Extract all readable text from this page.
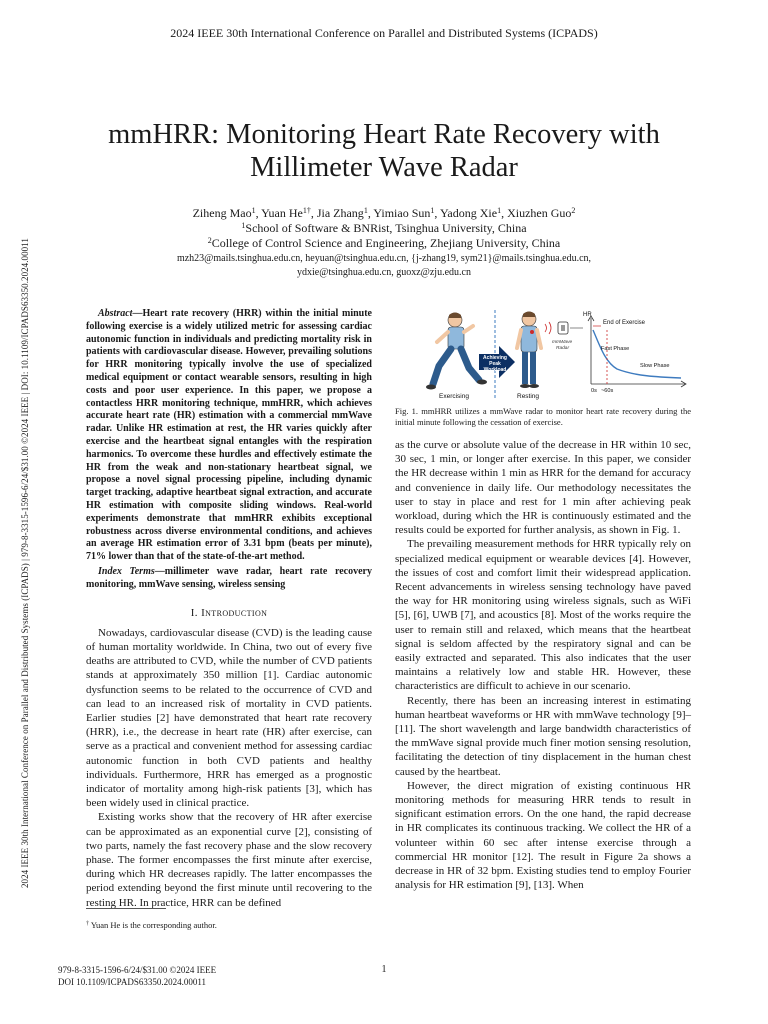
2024 IEEE 30th International Conference on Parallel and Distributed Systems (ICPADS)
2024 IEEE 30th International Conference on Parallel and Distributed Systems (ICPADS) | 979-8-3315-1596-6/24/$31.00 ©2024 IEEE | DOI: 10.1109/ICPADS63350.2024.00011
mmHRR: Monitoring Heart Rate Recovery with
Millimeter Wave Radar
Ziheng Mao$^1$, Yuan $He^{1\dagger}$, Jia Zhang$^1$, Yimiao Sun$^1$, Yadong Xie$^1$, Xiuzhen Guo$^2$
$^1$School of Software & BNRist, Tsinghua University, China
$^2$College of Control Science and Engineering, Zhejiang University, China
mzh23@mails.tsinghua.edu.cn, heyuan@tsinghua.edu.cn, {j-zhang19, sym21}@mails.tsinghua.edu.cn,
ydxie@tsinghua.edu.cn, guoxz@zju.edu.cn

Abstract—Heart rate recovery (HRR) within the initial minute following exercise is a widely utilized metric for assessing cardiac autonomic function in individuals and predicting mortality risk in patients with cardiovascular disease. However, prevailing solutions for HRR monitoring typically involve the use of specialized medical equipment or contact wearable sensors, resulting in high costs and poor user experience. In this paper, we propose a contactless HRR monitoring technique, mmHRR, which achieves accurate heart rate (HR) estimation with a commercial mmWave radar. Unlike HR estimation at rest, the HR varies quickly after exercise and the heartbeat signal entangles with the respiration harmonics. To overcome these hurdles and effectively estimate the HR from the weak and non-stationary heartbeat signal, we propose a novel signal processing pipeline, including dynamic target tracking, adaptive heartbeat signal extraction, and accurate HR estimation with composite sliding windows. Real-world experiments demonstrate that mmHRR exhibits exceptional robustness across diverse environmental conditions, and achieves an average HR estimation error of 3.31 bpm (beats per minute), 71% lower than that of the state-of-the-art method.

Index Terms—millimeter wave radar, heart rate recovery monitoring, mmWave sensing, wireless sensing

I. Introduction

Nowadays, cardiovascular disease (CVD) is the leading cause of human mortality worldwide. In China, two out of every five deaths are attributed to CVD, while the number of CVD patients stands at approximately 350 million [1]. Cardiac autonomic dysfunction seems to be related to the occurrence of CVD and can lead to an increased risk of mortality in CVD patients. Earlier studies [2] have demonstrated that heart rate recovery (HRR), i.e., the decrease in heart rate (HR) after exercise, can serve as a practical and convenient method for assessing cardiac autonomic function in both CVD patients and healthy individuals. Furthermore, HRR has emerged as a prognostic indicator of mortality among high-risk patients [3], which has been widely used in clinical practice.

Existing works show that the recovery of HR after exercise can be approximated as an exponential curve [2], consisting of two parts, namely the fast recovery phase and the slow recovery phase. The former encompasses the first minute after exercise, during which HR decreases rapidly. The latter encompasses the period extending beyond the first minute until recovering to the resting HR. In practice, HRR can be defined

† Yuan He is the corresponding author.
Exercising
Achieving
Peak
Workload
Resting
mmWave
Radar
HR
End of Exercise
Fast Phase
Slow Phase
0s ~60s
Fig. 1. mmHRR utilizes a mmWave radar to monitor heart rate recovery during the initial minute following the cessation of exercise.

as the curve or absolute value of the decrease in HR within 10 sec, 30 sec, 1 min, or longer after exercise. In this paper, we consider the HR decrease within 1 min as HRR for the demand for accuracy and convenience in daily life. Our methodology necessitates the user to stay in place and rest for 1 min after achieving peak workload, during which the HR is continuously estimated and the results could be exported for further analysis, as shown in Fig. 1.

The prevailing measurement methods for HRR typically rely on specialized medical equipment or wearable devices [4]. However, the issues of cost and comfort limit their widespread application. Recent advancements in wireless sensing technology have paved the way for HR monitoring using wireless signals, such as WiFi [5], [6], UWB [7], and acoustics [8]. Most of the works require the user to remain still and relaxed, which means that the heartbeat signal is seldom affected by the respiratory signal and can be easily extracted and separated. This also indicates that the user maintains a relatively low and stable HR. However, these characteristics are difficult to achieve in our scenario.

Recently, there has been an increasing interest in estimating human heartbeat waveforms or HR with mmWave technology [9]–[11]. The short wavelength and large bandwidth characteristics of the mmWave signal provide much finer motion sensing resolution, facilitating the detection of tiny displacement in the human chest caused by the heartbeat.

However, the direct migration of existing continuous HR monitoring methods for measuring HRR tends to result in significant estimation errors. On the one hand, the rapid decrease in HR complicates its continuous tracking. We collect the HR of a volunteer within 60 sec after intense exercise through a commercial HR monitor [12]. The result in Figure 2a shows a decrease in HR of 32 bpm. Existing studies tend to employ Fourier analysis for HR estimation [9], [13]. When

979-8-3315-1596-6/24/$31.00 ©2024 IEEE
DOI 10.1109/ICPADS63350.2024.00011
1
